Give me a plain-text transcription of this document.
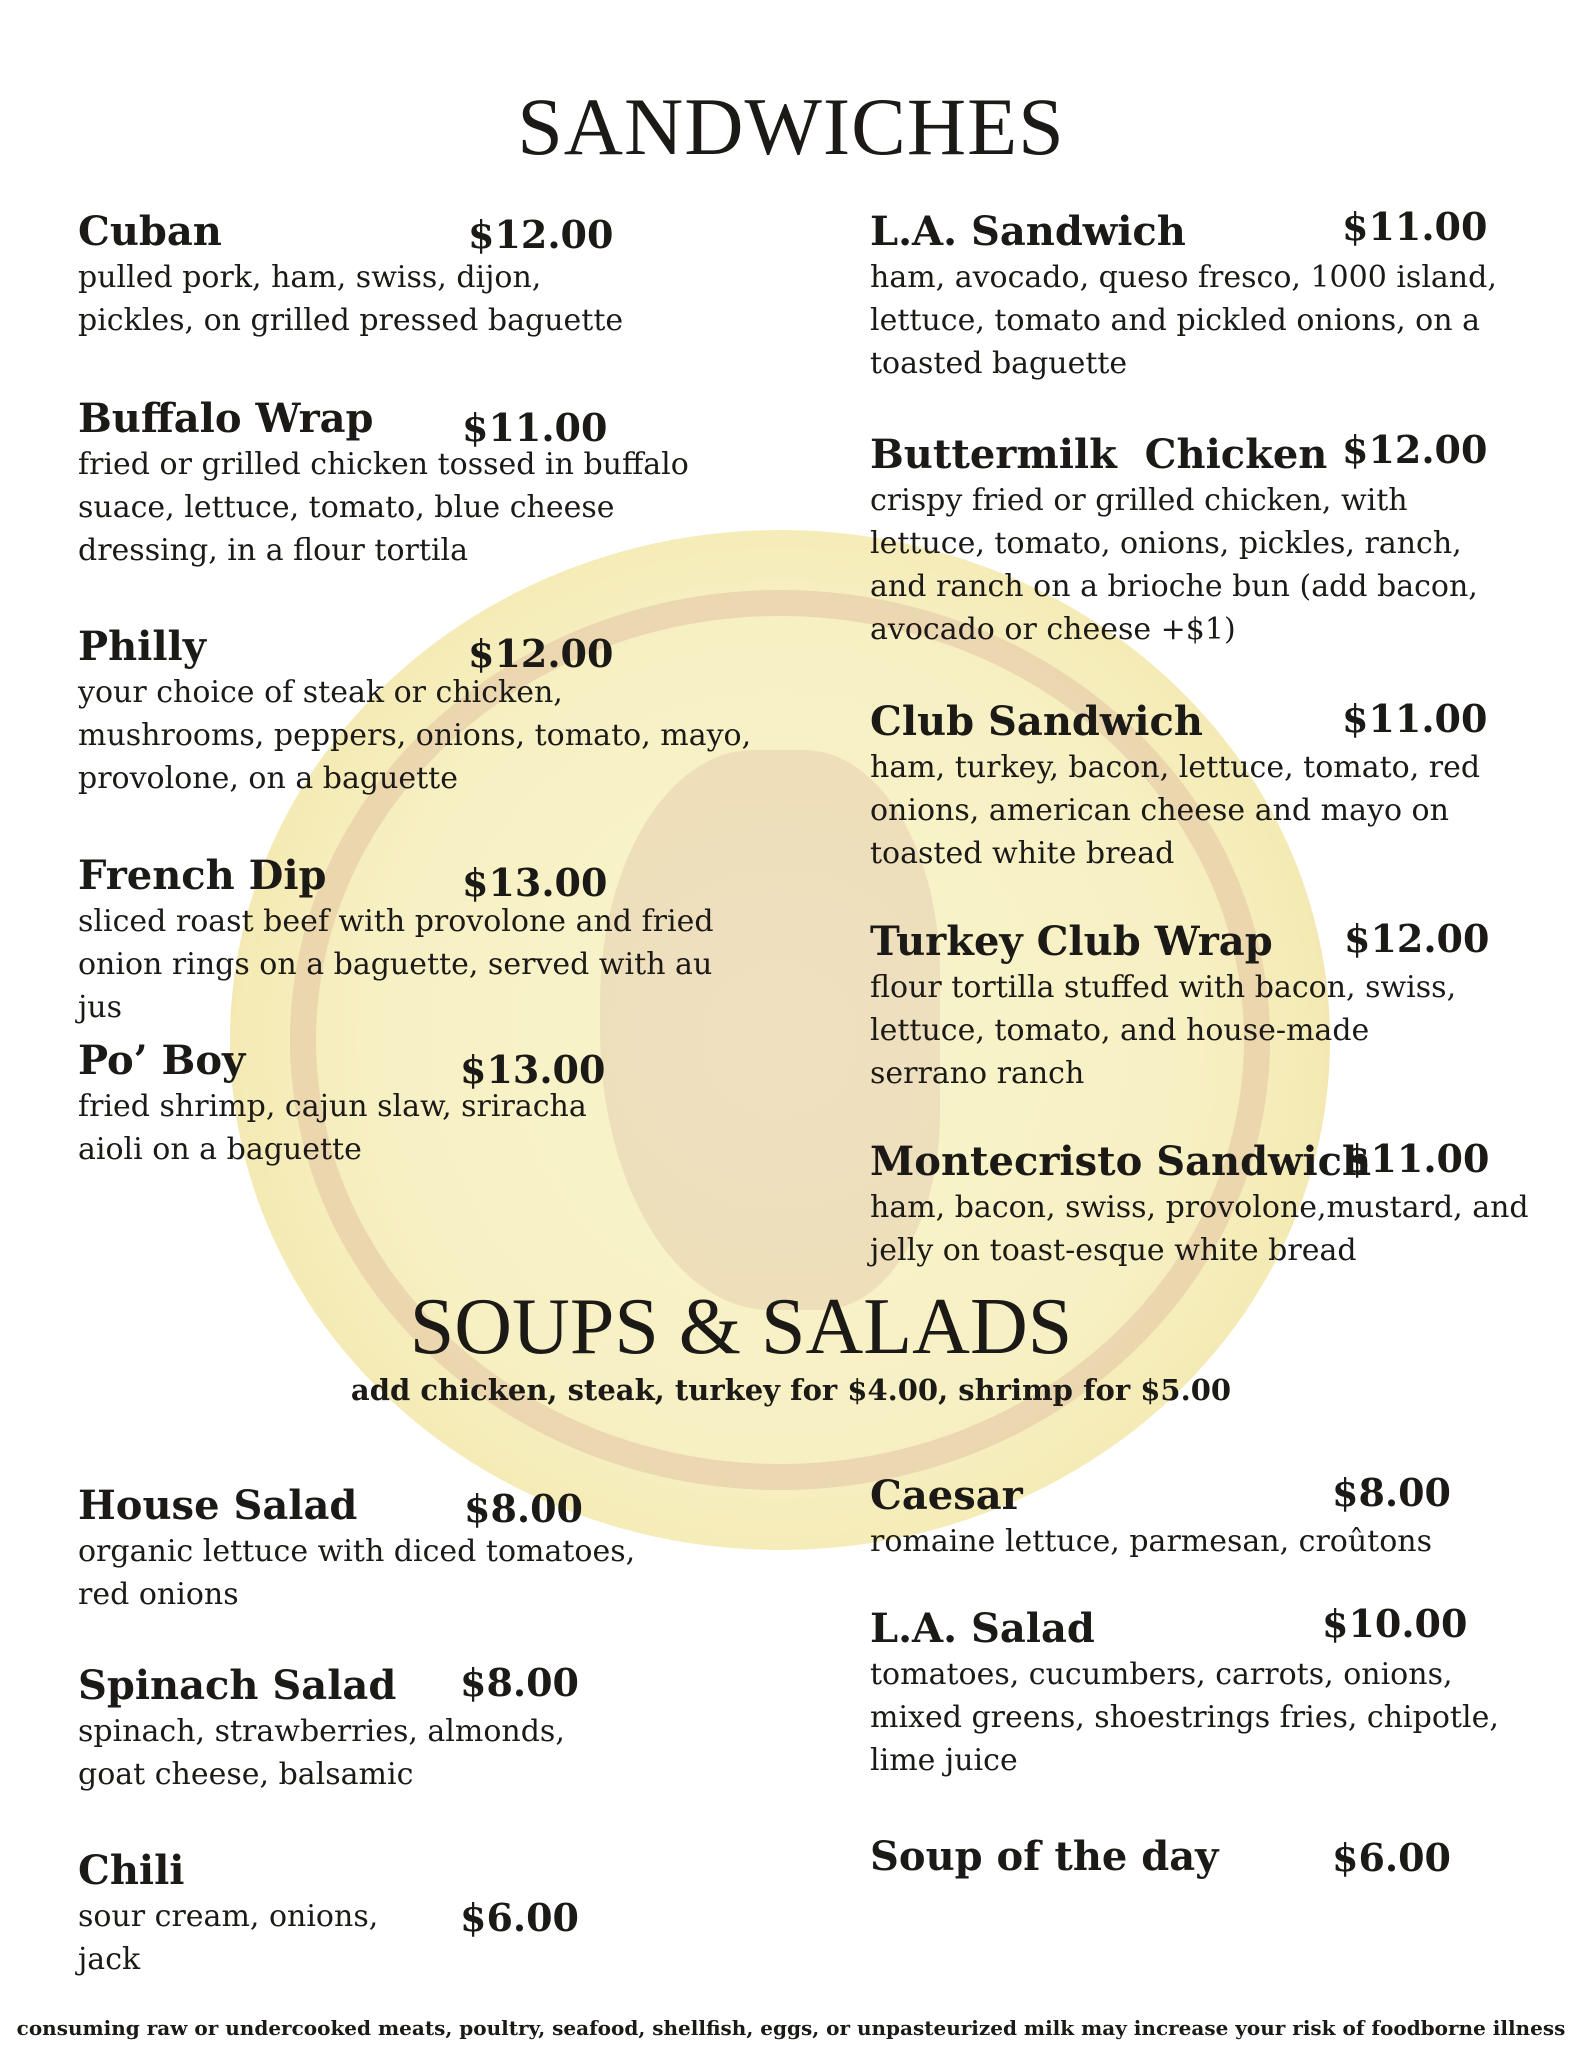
SANDWICHES
Cuban	$12.00
pulled pork, ham, swiss, dijon, pickles, on grilled pressed baguette
Buffalo Wrap	$11.00
fried or grilled chicken tossed in buffalo suace, lettuce, tomato, blue cheese dressing, in a flour tortila
Philly	$12.00
your choice of steak or chicken, mushrooms, peppers, onions, tomato, mayo, provolone, on a baguette
French Dip	$13.00
sliced roast beef with provolone and fried onion rings on a baguette, served with au jus
Po’ Boy	$13.00
fried shrimp, cajun slaw, sriracha aioli on a baguette
L.A. Sandwich	$11.00
ham, avocado, queso fresco, 1000 island, lettuce, tomato and pickled onions, on a toasted baguette
Buttermilk  Chicken $12.00
crispy fried or grilled chicken, with lettuce, tomato, onions, pickles, ranch, and ranch on a brioche bun (add bacon, avocado or cheese +$1)
Club Sandwich	$11.00
ham, turkey, bacon, lettuce, tomato, red onions, american cheese and mayo on toasted white bread
Turkey Club Wrap	$12.00
flour tortilla stuffed with bacon, swiss, lettuce, tomato, and house-made serrano ranch
Montecristo Sandwich
$11.00
ham, bacon, swiss, provolone,mustard, and jelly on toast-esque white bread
SOUPS & SALADS
add chicken, steak, turkey for $4.00, shrimp for $5.00
House Salad	$8.00
organic lettuce with diced tomatoes, red onions
Spinach Salad	$8.00
spinach, strawberries, almonds, goat cheese, balsamic
Chili
$6.00
sour cream, onions, jack
Caesar	$8.00
romaine lettuce, parmesan, croûtons
L.A. Salad	$10.00
tomatoes, cucumbers, carrots, onions, mixed greens, shoestrings fries, chipotle, lime juice
Soup of the day	$6.00
consuming raw or undercooked meats, poultry, seafood, shellfish, eggs, or unpasteurized milk may increase your risk of foodborne illness
